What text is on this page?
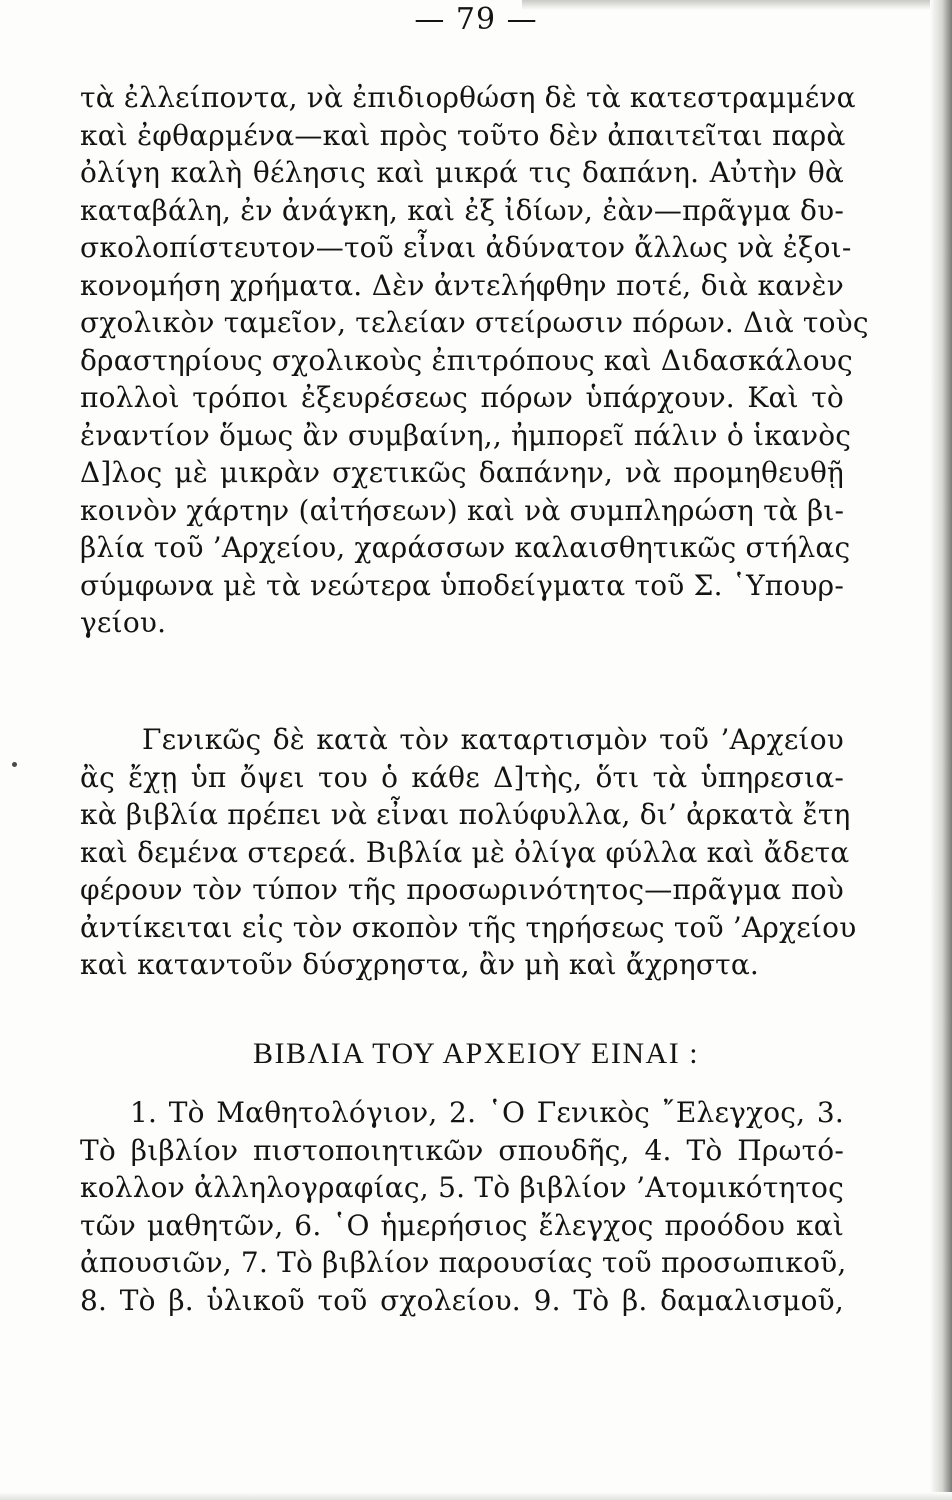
— 79 —
τὰ ἐλλείποντα, νὰ ἐπιδιορθώση δὲ τὰ κατεστραμμένα
καὶ ἐφθαρμένα—καὶ πρὸς τοῦτο δὲν ἀπαιτεῖται παρὰ
ὀλίγη καλὴ θέλησις καὶ μικρά τις δαπάνη. Αὐτὴν θὰ
καταβάλη, ἐν ἀνάγκη, καὶ ἐξ ἰδίων, ἐὰν—πρᾶγμα δυ-
σκολοπίστευτον—τοῦ εἶναι ἀδύνατον ἄλλως νὰ ἐξοι-
κονομήση χρήματα. Δὲν ἀντελήφθην ποτέ, διὰ κανὲν
σχολικὸν ταμεῖον, τελείαν στείρωσιν πόρων. Διὰ τοὺς
δραστηρίους σχολικοὺς ἐπιτρόπους καὶ Διδασκάλους
πολλοὶ τρόποι ἐξευρέσεως πόρων ὑπάρχουν. Καὶ τὸ
ἐναντίον ὅμως ἂν συμβαίνη,, ἠμπορεῖ πάλιν ὁ ἱκανὸς
Δ]λος μὲ μικρὰν σχετικῶς δαπάνην, νὰ προμηθευθῇ
κοινὸν χάρτην (αἰτήσεων) καὶ νὰ συμπληρώση τὰ βι-
βλία τοῦ ’Αρχείου, χαράσσων καλαισθητικῶς στήλας
σύμφωνα μὲ τὰ νεώτερα ὑποδείγματα τοῦ Σ. ῾Υπουρ-
γείου.
Γενικῶς δὲ κατὰ τὸν καταρτισμὸν τοῦ ’Αρχείου
ἂς ἔχῃ ὑπ ὄψει του ὁ κάθε Δ]τὴς, ὅτι τὰ ὑπηρεσια-
κὰ βιβλία πρέπει νὰ εἶναι πολύφυλλα, δι’ ἀρκατὰ ἔτη
καὶ δεμένα στερεά. Βιβλία μὲ ὀλίγα φύλλα καὶ ἄδετα
φέρουν τὸν τύπον τῆς προσωρινότητος—πρᾶγμα ποὺ
ἀντίκειται εἰς τὸν σκοπὸν τῆς τηρήσεως τοῦ ’Αρχείου
καὶ καταντοῦν δύσχρηστα, ἂν μὴ καὶ ἄχρηστα.
ΒΙΒΛΙΑ ΤΟΥ ΑΡΧΕΙΟΥ ΕΙΝΑΙ :
1. Τὸ Μαθητολόγιον, 2. ῾Ο Γενικὸς ῎Ελεγχος, 3.
Τὸ βιβλίον πιστοποιητικῶν σπουδῆς, 4. Τὸ Πρωτό-
κολλον ἀλληλογραφίας, 5. Τὸ βιβλίον ’Ατομικότητος
τῶν μαθητῶν, 6. ῾Ο ἡμερήσιος ἔλεγχος προόδου καὶ
ἀπουσιῶν, 7. Τὸ βιβλίον παρουσίας τοῦ προσωπικοῦ,
8. Τὸ β. ὑλικοῦ τοῦ σχολείου. 9. Τὸ β. δαμαλισμοῦ,
